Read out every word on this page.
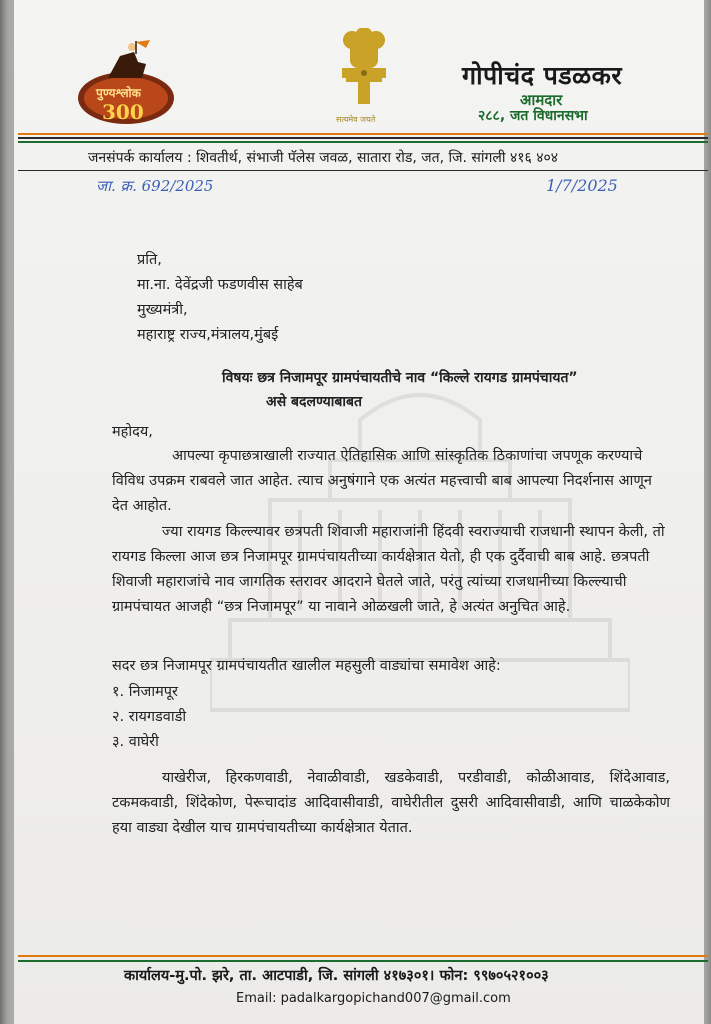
पुण्यश्लोक
300	सत्यमेव जयते
गोपीचंद पडळकर
आमदार
२८८, जत विधानसभा
जनसंपर्क कार्यालय : शिवतीर्थ, संभाजी पॅलेस जवळ, सातारा रोड, जत, जि. सांगली ४१६ ४०४
जा. क्र. 692/2025	1/7/2025
प्रति,
मा.ना. देवेंद्रजी फडणवीस साहेब
मुख्यमंत्री,
महाराष्ट्र राज्य,मंत्रालय,मुंबई
विषयः छत्र निजामपूर ग्रामपंचायतीचे नाव “किल्ले रायगड ग्रामपंचायत”
असे बदलण्याबाबत
महोदय,
आपल्या कृपाछत्राखाली राज्यात ऐतिहासिक आणि सांस्कृतिक ठिकाणांचा जपणूक करण्याचे विविध उपक्रम राबवले जात आहेत. त्याच अनुषंगाने एक अत्यंत महत्त्वाची बाब आपल्या निदर्शनास आणून देत आहोत.
ज्या रायगड किल्ल्यावर छत्रपती शिवाजी महाराजांनी हिंदवी स्वराज्याची राजधानी स्थापन केली, तो रायगड किल्ला आज छत्र निजामपूर ग्रामपंचायतीच्या कार्यक्षेत्रात येतो, ही एक दुर्दैवाची बाब आहे. छत्रपती शिवाजी महाराजांचे नाव जागतिक स्तरावर आदराने घेतले जाते, परंतु त्यांच्या राजधानीच्या किल्ल्याची ग्रामपंचायत आजही “छत्र निजामपूर” या नावाने ओळखली जाते, हे अत्यंत अनुचित आहे.
सदर छत्र निजामपूर ग्रामपंचायतीत खालील महसुली वाड्यांचा समावेश आहे:
१. निजामपूर
२. रायगडवाडी
३. वाघेरी
याखेरीज, हिरकणवाडी, नेवाळीवाडी, खडकेवाडी, परडीवाडी, कोळीआवाड, शिंदेआवाड, टकमकवाडी, शिंदेकोण, पेरूचादांड आदिवासीवाडी, वाघेरीतील दुसरी आदिवासीवाडी, आणि चाळकेकोण हया वाड्या देखील याच ग्रामपंचायतीच्या कार्यक्षेत्रात येतात.
कार्यालय-मु.पो. झरे, ता. आटपाडी, जि. सांगली ४१७३०१। फोन: ९९७०५२१००३
Email: padalkargopichand007@gmail.com
